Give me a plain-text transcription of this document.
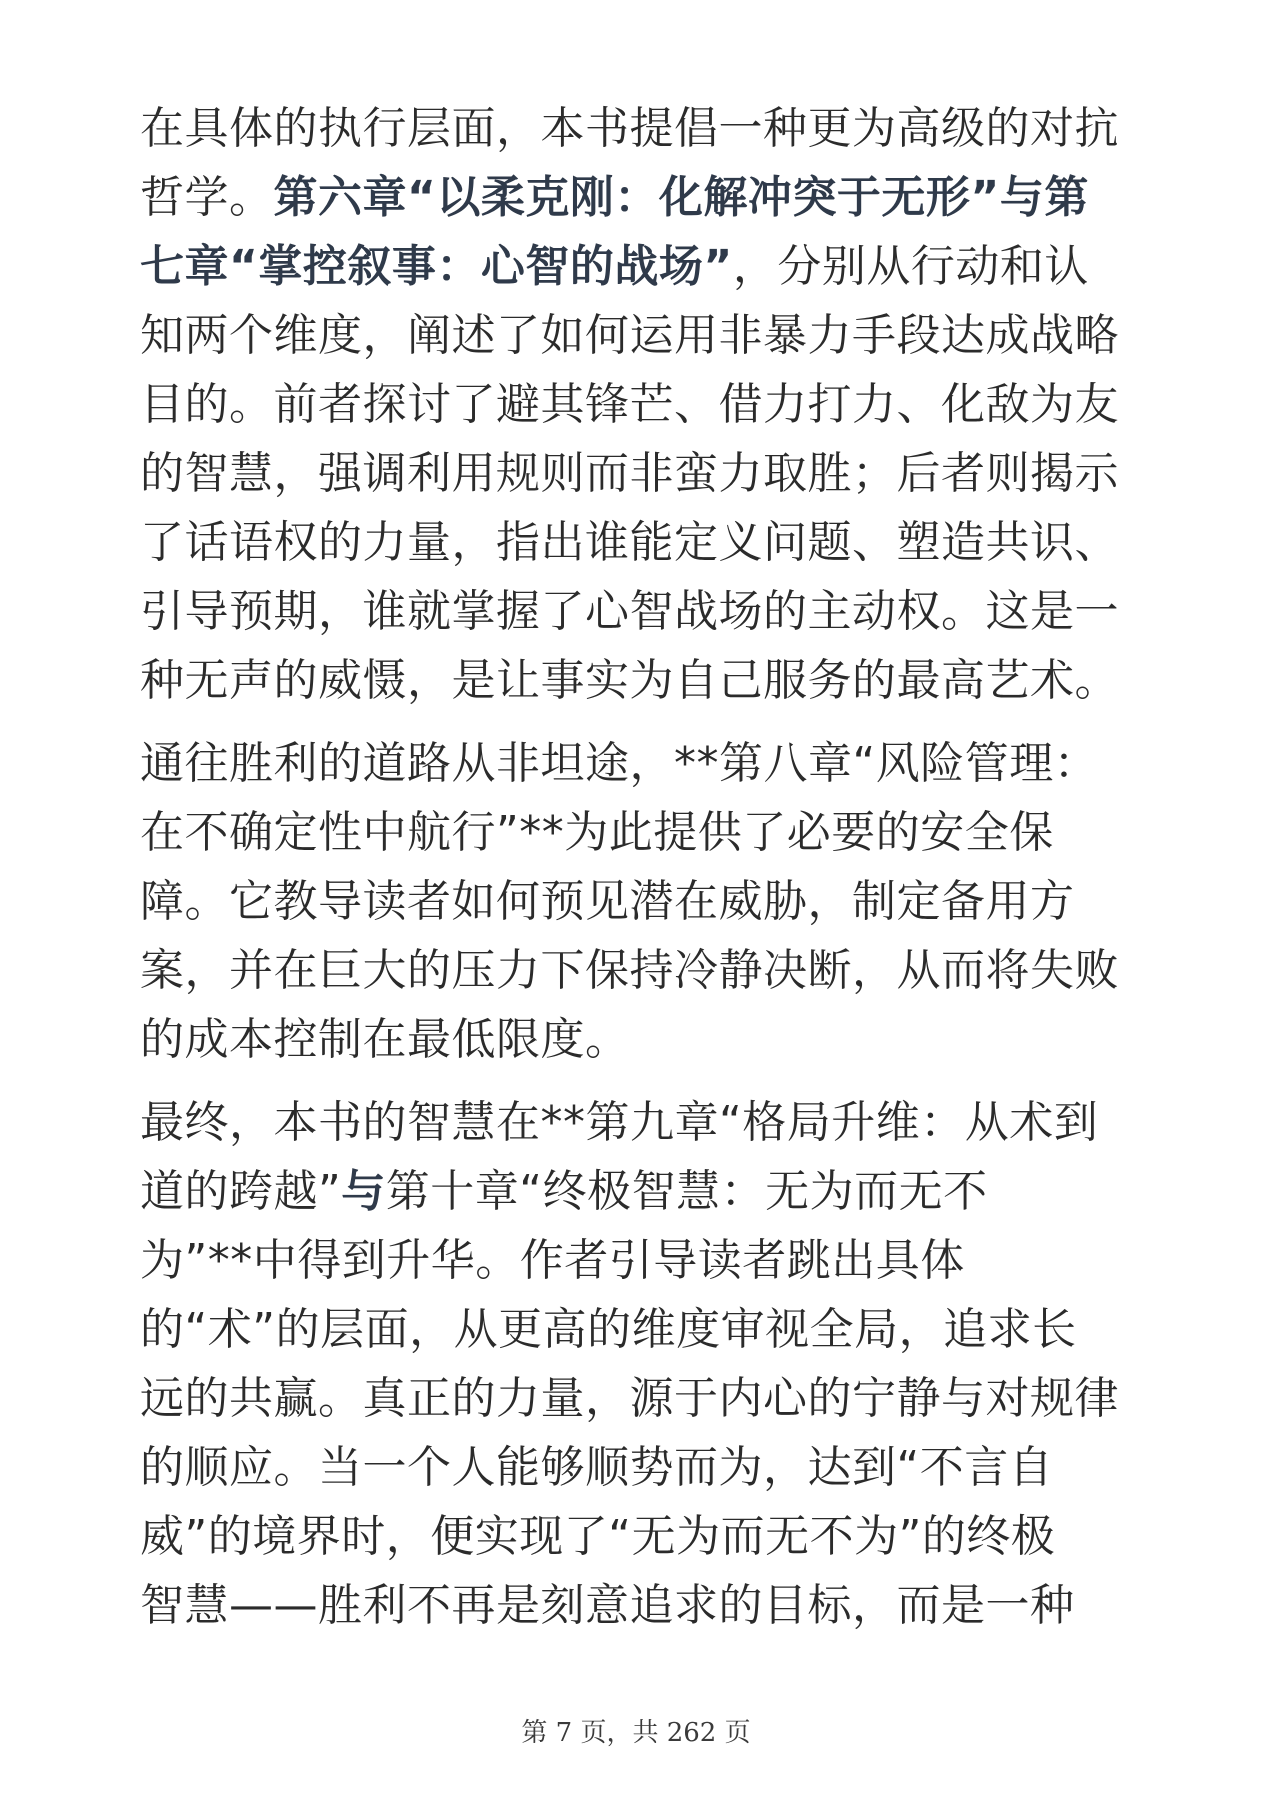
在具体的执行层面，本书提倡一种更为高级的对抗
哲学。第六章“以柔克刚：化解冲突于无形”与第
七章“掌控叙事：心智的战场”，分别从行动和认
知两个维度，阐述了如何运用非暴力手段达成战略
目的。前者探讨了避其锋芒、借力打力、化敌为友
的智慧，强调利用规则而非蛮力取胜；后者则揭示
了话语权的力量，指出谁能定义问题、塑造共识、
引导预期，谁就掌握了心智战场的主动权。这是一
种无声的威慑，是让事实为自己服务的最高艺术。
通往胜利的道路从非坦途，**第八章“风险管理：
在不确定性中航行”**为此提供了必要的安全保
障。它教导读者如何预见潜在威胁，制定备用方
案，并在巨大的压力下保持冷静决断，从而将失败
的成本控制在最低限度。
最终，本书的智慧在**第九章“格局升维：从术到
道的跨越”与第十章“终极智慧：无为而无不
为”**中得到升华。作者引导读者跳出具体
的“术”的层面，从更高的维度审视全局，追求长
远的共赢。真正的力量，源于内心的宁静与对规律
的顺应。当一个人能够顺势而为，达到“不言自
威”的境界时，便实现了“无为而无不为”的终极
智慧——胜利不再是刻意追求的目标，而是一种
第 7 页，共 262 页
